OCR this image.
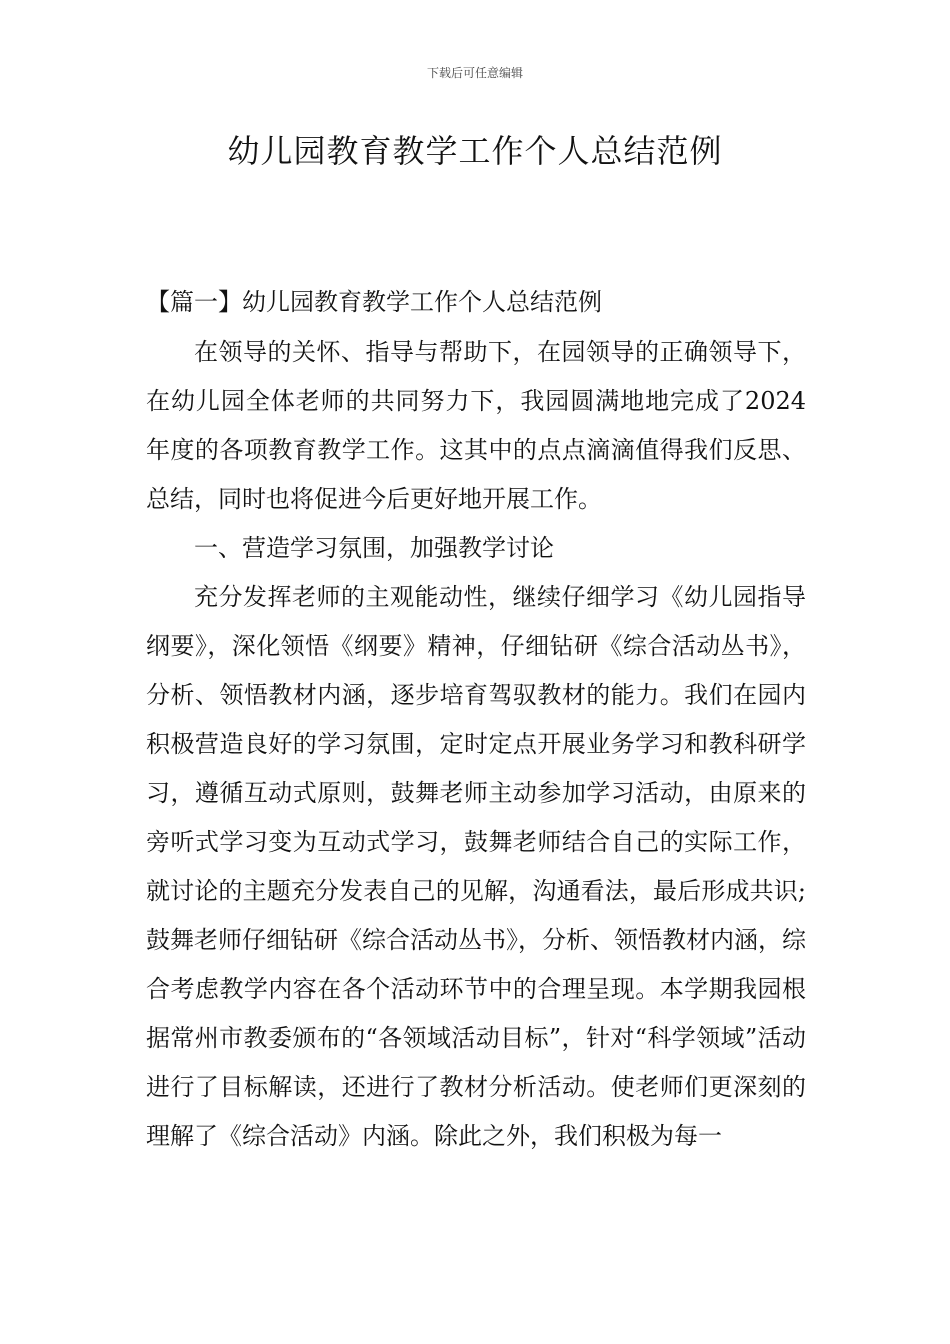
下载后可任意编辑
幼儿园教育教学工作个人总结范例
【篇一】幼儿园教育教学工作个人总结范例

在领导的关怀、指导与帮助下，在园领导的正确领导下，在幼儿园全体老师的共同努力下，我园圆满地地完成了2024年度的各项教育教学工作。这其中的点点滴滴值得我们反思、总结，同时也将促进今后更好地开展工作。

一、营造学习氛围，加强教学讨论

充分发挥老师的主观能动性，继续仔细学习《幼儿园指导纲要》，深化领悟《纲要》精神，仔细钻研《综合活动丛书》，分析、领悟教材内涵，逐步培育驾驭教材的能力。我们在园内积极营造良好的学习氛围，定时定点开展业务学习和教科研学习，遵循互动式原则，鼓舞老师主动参加学习活动，由原来的旁听式学习变为互动式学习，鼓舞老师结合自己的实际工作，就讨论的主题充分发表自己的见解，沟通看法，最后形成共识;鼓舞老师仔细钻研《综合活动丛书》，分析、领悟教材内涵，综合考虑教学内容在各个活动环节中的合理呈现。本学期我园根据常州市教委颁布的“各领域活动目标”，针对“科学领域”活动进行了目标解读，还进行了教材分析活动。使老师们更深刻的理解了《综合活动》内涵。除此之外，我们积极为每一
